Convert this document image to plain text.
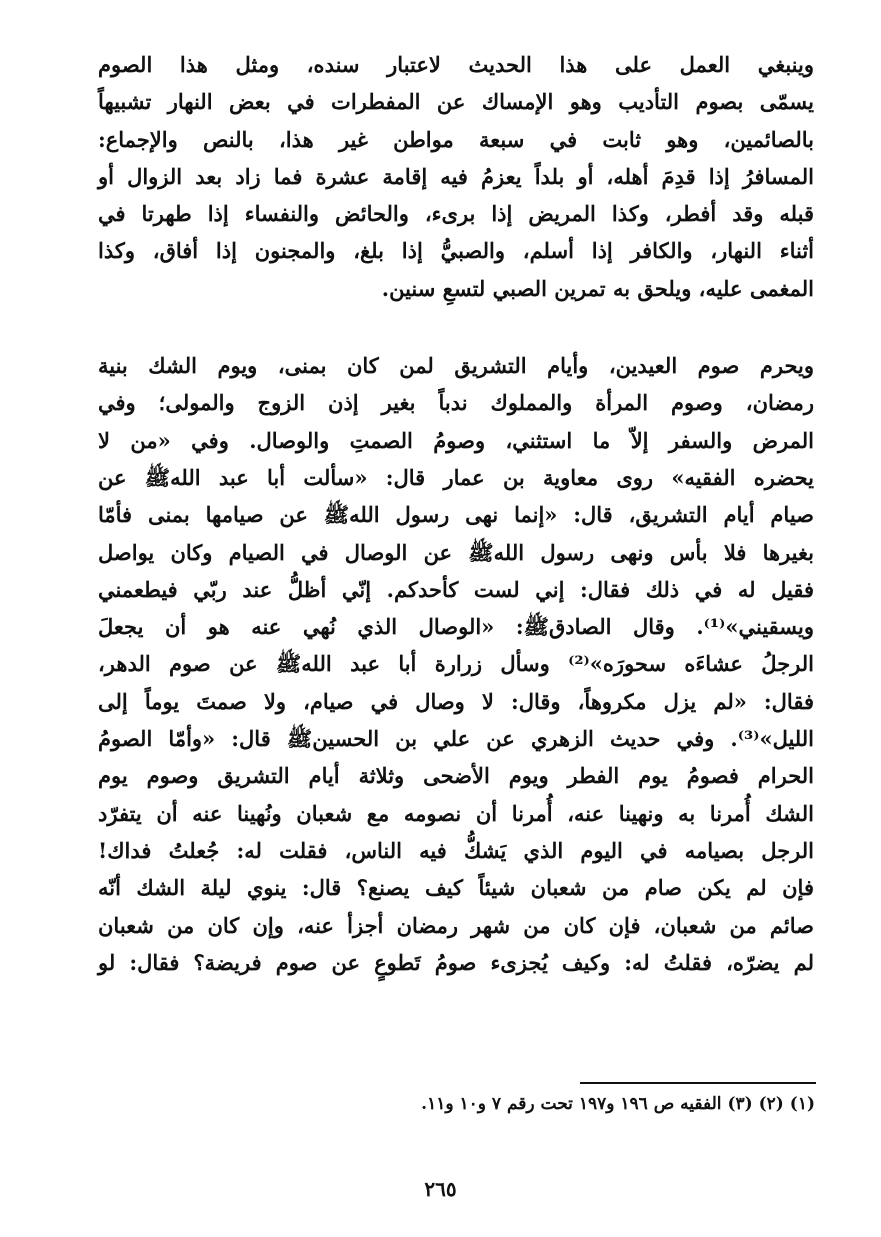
وينبغي العمل على هذا الحديث لاعتبار سنده، ومثل هذا الصوم
يسمّى بصوم التأديب وهو الإمساك عن المفطرات في بعض النهار تشبيهاً
بالصائمين، وهو ثابت في سبعة مواطن غير هذا، بالنص والإجماع:
المسافرُ إذا قدِمَ أهله، أو بلداً يعزمُ فيه إقامة عشرة فما زاد بعد الزوال أو
قبله وقد أفطر، وكذا المريض إذا برىء، والحائض والنفساء إذا طهرتا في
أثناء النهار، والكافر إذا أسلم، والصبيُّ إذا بلغ، والمجنون إذا أفاق، وكذا
المغمى عليه، ويلحق به تمرين الصبي لتسعِ سنين.

ويحرم صوم العيدين، وأيام التشريق لمن كان بمنى، ويوم الشك بنية
رمضان، وصوم المرأة والمملوك ندباً بغير إذن الزوج والمولى؛ وفي
المرض والسفر إلاّ ما استثني، وصومُ الصمتِ والوصال. وفي «من لا
يحضره الفقيه» روى معاوية بن عمار قال: «سألت أبا عبد اللهﷺ عن
صيام أيام التشريق، قال: «إنما نهى رسول اللهﷺ عن صيامها بمنى فأمّا
بغيرها فلا بأس ونهى رسول اللهﷺ عن الوصال في الصيام وكان يواصل
فقيل له في ذلك فقال: إني لست كأحدكم. إنّي أظلُّ عند ربّي فيطعمني
ويسقيني»⁽¹⁾. وقال الصادقﷺ: «الوصال الذي نُهي عنه هو أن يجعلَ
الرجلُ عشاءَه سحورَه»⁽²⁾ وسأل زرارة أبا عبد اللهﷺ عن صوم الدهر،
فقال: «لم يزل مكروهاً، وقال: لا وصال في صيام، ولا صمتَ يوماً إلى
الليل»⁽³⁾. وفي حديث الزهري عن علي بن الحسينﷺ قال: «وأمّا الصومُ
الحرام فصومُ يوم الفطر ويوم الأضحى وثلاثة أيام التشريق وصوم يوم
الشك أُمرنا به ونهينا عنه، أُمرنا أن نصومه مع شعبان ونُهينا عنه أن يتفرّد
الرجل بصيامه في اليوم الذي يَشكُّ فيه الناس، فقلت له: جُعلتُ فداك!
فإن لم يكن صام من شعبان شيئاً كيف يصنع؟ قال: ينوي ليلة الشك أنّه
صائم من شعبان، فإن كان من شهر رمضان أجزأ عنه، وإن كان من شعبان
لم يضرّه، فقلتُ له: وكيف يُجزىء صومُ تَطوعٍ عن صوم فريضة؟ فقال: لو

(١) (٢) (٣) الفقيه ص ١٩٦ و١٩٧ تحت رقم ٧ و١٠ و١١.
٢٦٥
